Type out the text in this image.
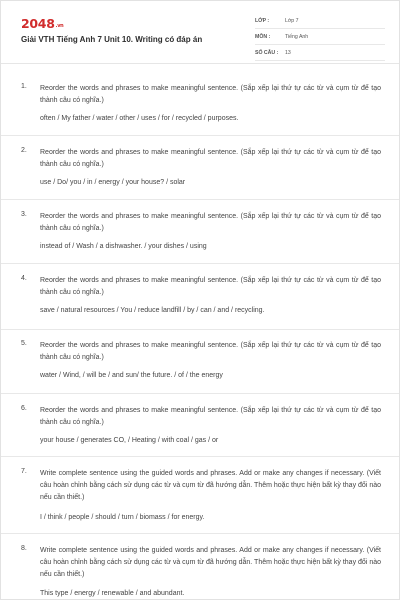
2048.vn
Giải VTH Tiếng Anh 7 Unit 10. Writing có đáp án
LỚP :	Lớp 7
MÔN :	Tiếng Anh
SỐ CÂU :	13
1. Reorder the words and phrases to make meaningful sentence. (Sắp xếp lại thứ tự các từ và cụm từ để tạo thành câu có nghĩa.)
often / My father / water / other / uses / for / recycled / purposes.
2. Reorder the words and phrases to make meaningful sentence. (Sắp xếp lại thứ tự các từ và cụm từ để tạo thành câu có nghĩa.)
use / Do/ you / in / energy / your house? / solar
3. Reorder the words and phrases to make meaningful sentence. (Sắp xếp lại thứ tự các từ và cụm từ để tạo thành câu có nghĩa.)
instead of / Wash / a dishwasher. / your dishes / using
4. Reorder the words and phrases to make meaningful sentence. (Sắp xếp lại thứ tự các từ và cụm từ để tạo thành câu có nghĩa.)
save / natural resources / You / reduce landfill / by / can / and / recycling.
5. Reorder the words and phrases to make meaningful sentence. (Sắp xếp lại thứ tự các từ và cụm từ để tạo thành câu có nghĩa.)
water / Wind, / will be / and sun/ the future. / of / the energy
6. Reorder the words and phrases to make meaningful sentence. (Sắp xếp lại thứ tự các từ và cụm từ để tạo thành câu có nghĩa.)
your house / generates CO, / Heating / with coal / gas / or
7. Write complete sentence using the guided words and phrases. Add or make any changes if necessary. (Viết câu hoàn chỉnh bằng cách sử dụng các từ và cụm từ đã hướng dẫn. Thêm hoặc thực hiện bất kỳ thay đổi nào nếu cần thiết.)
I / think / people / should / turn / biomass / for energy.
8. Write complete sentence using the guided words and phrases. Add or make any changes if necessary. (Viết câu hoàn chỉnh bằng cách sử dụng các từ và cụm từ đã hướng dẫn. Thêm hoặc thực hiện bất kỳ thay đổi nào nếu cần thiết.)
This type / energy / renewable / and abundant.
